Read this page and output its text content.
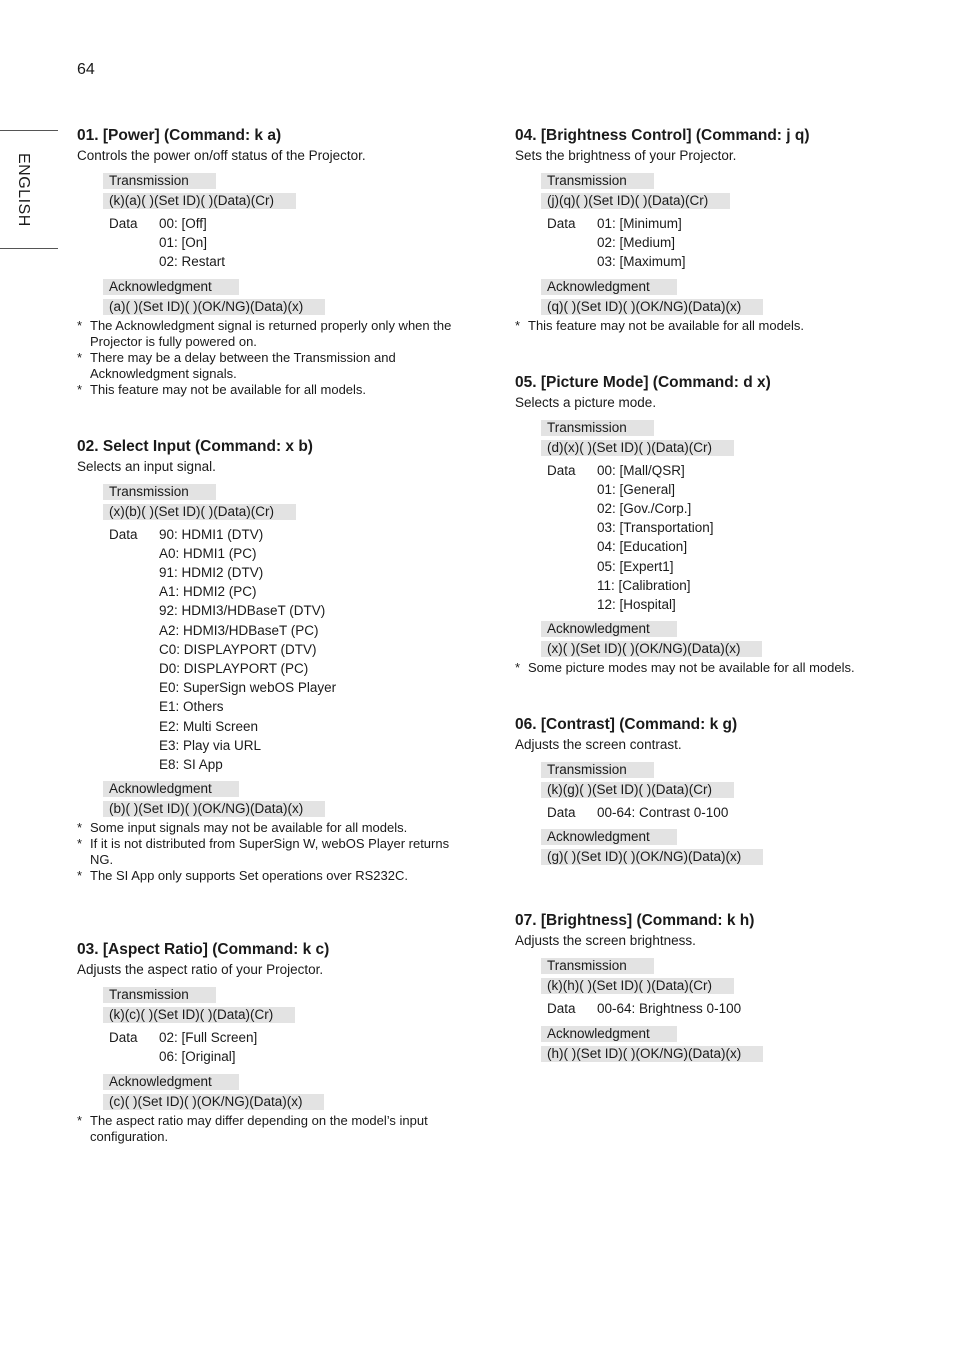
64
ENGLISH
01. [Power] (Command: k a)
Controls the power on/off status of the Projector.
Transmission
(k)(a)( )(Set ID)( )(Data)(Cr)
Data	00: [Off]
01: [On]
02: Restart
Acknowledgment
(a)( )(Set ID)( )(OK/NG)(Data)(x)
* The Acknowledgment signal is returned properly only when the Projector is fully powered on.
* There may be a delay between the Transmission and Acknowledgment signals.
* This feature may not be available for all models.
02. Select Input (Command: x b)
Selects an input signal.
Transmission
(x)(b)( )(Set ID)( )(Data)(Cr)
Data	90: HDMI1 (DTV)
A0: HDMI1 (PC)
91: HDMI2 (DTV)
A1: HDMI2 (PC)
92: HDMI3/HDBaseT (DTV)
A2: HDMI3/HDBaseT (PC)
C0: DISPLAYPORT (DTV)
D0: DISPLAYPORT (PC)
E0: SuperSign webOS Player
E1: Others
E2: Multi Screen
E3: Play via URL
E8: SI App
Acknowledgment
(b)( )(Set ID)( )(OK/NG)(Data)(x)
* Some input signals may not be available for all models.
* If it is not distributed from SuperSign W, webOS Player returns NG.
* The SI App only supports Set operations over RS232C.
03. [Aspect Ratio] (Command: k c)
Adjusts the aspect ratio of your Projector.
Transmission
(k)(c)( )(Set ID)( )(Data)(Cr)
Data	02: [Full Screen]
06: [Original]
Acknowledgment
(c)( )(Set ID)( )(OK/NG)(Data)(x)
* The aspect ratio may differ depending on the model’s input configuration.
04. [Brightness Control] (Command: j q)
Sets the brightness of your Projector.
Transmission
(j)(q)( )(Set ID)( )(Data)(Cr)
Data	01: [Minimum]
02: [Medium]
03: [Maximum]
Acknowledgment
(q)( )(Set ID)( )(OK/NG)(Data)(x)
* This feature may not be available for all models.
05. [Picture Mode] (Command: d x)
Selects a picture mode.
Transmission
(d)(x)( )(Set ID)( )(Data)(Cr)
Data	00: [Mall/QSR]
01: [General]
02: [Gov./Corp.]
03: [Transportation]
04: [Education]
05: [Expert1]
11: [Calibration]
12: [Hospital]
Acknowledgment
(x)( )(Set ID)( )(OK/NG)(Data)(x)
* Some picture modes may not be available for all models.
06. [Contrast] (Command: k g)
Adjusts the screen contrast.
Transmission
(k)(g)( )(Set ID)( )(Data)(Cr)
Data	00-64: Contrast 0-100
Acknowledgment
(g)( )(Set ID)( )(OK/NG)(Data)(x)
07. [Brightness] (Command: k h)
Adjusts the screen brightness.
Transmission
(k)(h)( )(Set ID)( )(Data)(Cr)
Data	00-64: Brightness 0-100
Acknowledgment
(h)( )(Set ID)( )(OK/NG)(Data)(x)
